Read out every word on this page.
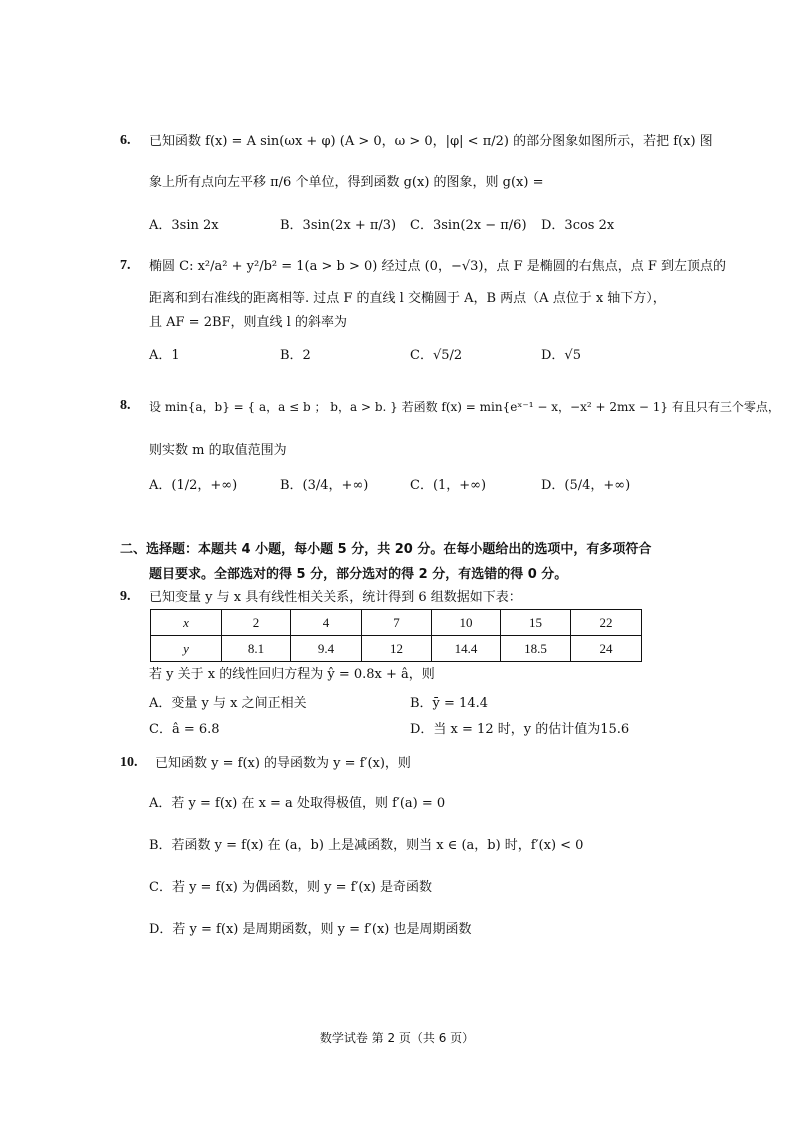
6. 已知函数 f(x) = A sin(ωx + φ) (A > 0，ω > 0，|φ| < π/2) 的部分图象如图所示，若把 f(x) 图
象上所有点向左平移 π/6 个单位，得到函数 g(x) 的图象，则 g(x) =
A．3sin 2x	B．3sin(2x + π/3) C．3sin(2x − π/6) D．3cos 2x
7. 椭圆 C: x²/a² + y²/b² = 1(a > b > 0) 经过点 (0，−√3)，点 F 是椭圆的右焦点，点 F 到左顶点的
距离和到右准线的距离相等. 过点 F 的直线 l 交椭圆于 A，B 两点（A 点位于 x 轴下方），
且 AF = 2BF，则直线 l 的斜率为
A．1	B．2	C．√5/2	D．√5
8. 设 min{a，b} = { a，a ≤ b ； b，a > b. } 若函数 f(x) = min{eˣ⁻¹ − x，−x² + 2mx − 1} 有且只有三个零点，
则实数 m 的取值范围为
A．(1/2，+∞)	B．(3/4，+∞)	C．(1，+∞)	D．(5/4，+∞)
二、选择题：本题共 4 小题，每小题 5 分，共 20 分。在每小题给出的选项中，有多项符合
题目要求。全部选对的得 5 分，部分选对的得 2 分，有选错的得 0 分。
9. 已知变量 y 与 x 具有线性相关关系，统计得到 6 组数据如下表：
x	2	4	7	10	15	22
y	8.1	9.4	12	14.4	18.5	24
若 y 关于 x 的线性回归方程为 ŷ = 0.8x + â，则
A．变量 y 与 x 之间正相关	B．ȳ = 14.4
C．â = 6.8	D．当 x = 12 时，y 的估计值为15.6
10. 已知函数 y = f(x) 的导函数为 y = f′(x)，则
A．若 y = f(x) 在 x = a 处取得极值，则 f′(a) = 0
B．若函数 y = f(x) 在 (a，b) 上是减函数，则当 x ∈ (a，b) 时，f′(x) < 0
C．若 y = f(x) 为偶函数，则 y = f′(x) 是奇函数
D．若 y = f(x) 是周期函数，则 y = f′(x) 也是周期函数
数学试卷 第 2 页（共 6 页）
